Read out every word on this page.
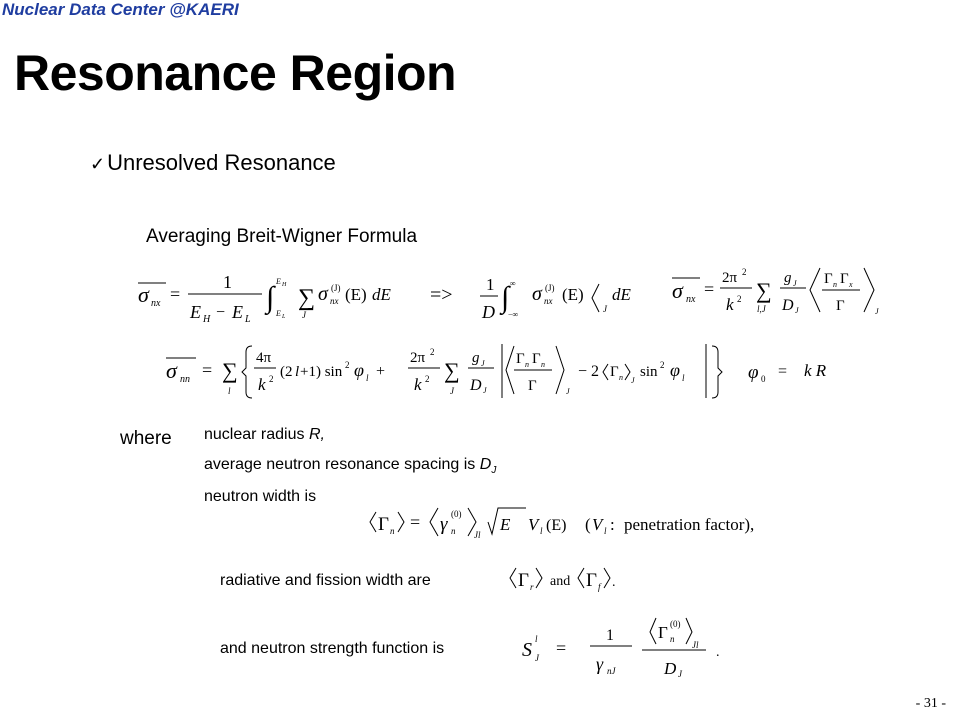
Nuclear Data Center @KAERI
Resonance Region
✓Unresolved Resonance
Averaging Breit-Wigner Formula
σ nx =
1
E H − E L
∫ E H
E L
∑
J
σ nx
(J) (E) dE => 1
D ∫ ∞
−∞
σ nx
(J) (E)
J
dE σ nx
=
2π 2
k 2 ∑
l,J
g J
D J
Γ n Γ x
Γ	J
σ nn = ∑
l
4π
k 2 (2 l +1) sin 2 φ l +
2π 2
k 2 ∑
J
g J
D J
Γ n Γ n
Γ	J
− 2 Γ n J
sin 2 φ l	φ 0 = k R
Γ n = γ n
(0)
Jl
E V l (E) ( V l : penetration factor),
Γ r and Γ f .
S l
J =
1
γ nJ
Γ n
(0)
Jl
D J
.
where nuclear radius R,
average neutron resonance spacing is $D_J$
neutron width is
radiative and fission width are
and neutron strength function is
- 31 -
